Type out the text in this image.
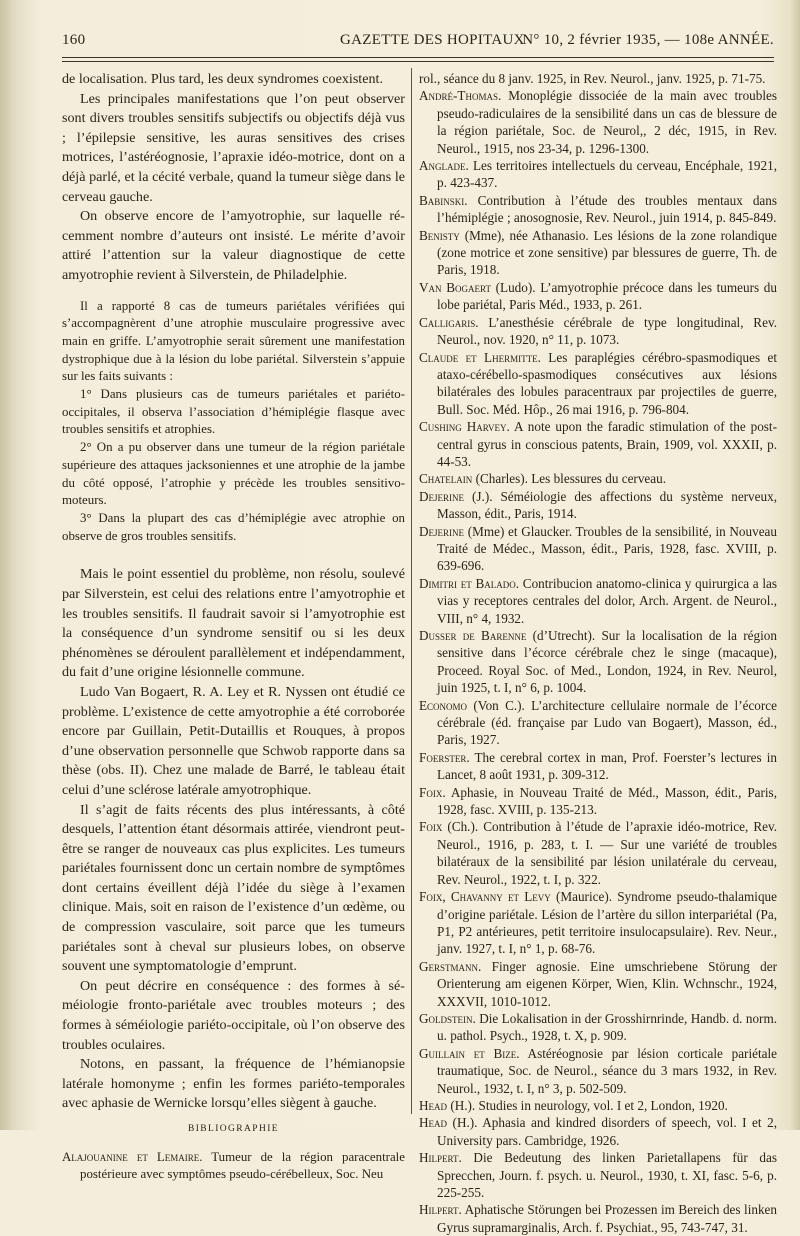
160	GAZETTE DES HOPITAUX
N° 10, 2 février 1935, — 108e ANNÉE.

de localisation. Plus tard, les deux syndromes coexistent.

Les principales manifestations que l’on peut observer sont divers troubles sensitifs subjectifs ou objectifs déjà vus ; l’épilepsie sensitive, les auras sensitives des crises motrices, l’astéréognosie, l’apraxie idéo-motrice, dont on a déjà parlé, et la cécité verbale, quand la tumeur siège dans le cerveau gauche.

On observe encore de l’amyotrophie, sur laquelle récemment nombre d’auteurs ont insisté. Le mérite d’avoir attiré l’attention sur la valeur diagnostique de cette amyotrophie revient à Silverstein, de Philadelphie.

Il a rapporté 8 cas de tumeurs pariétales vérifiées qui s’accompagnèrent d’une atrophie musculaire progressive avec main en griffe. L’amyotrophie serait sûrement une manifestation dystrophique due à la lésion du lobe pariétal. Silverstein s’appuie sur les faits suivants :

1° Dans plusieurs cas de tumeurs pariétales et pariéto-occipitales, il observa l’association d’hémiplégie flasque avec troubles sensitifs et atrophies.

2° On a pu observer dans une tumeur de la région pariétale supérieure des attaques jacksoniennes et une atrophie de la jambe du côté opposé, l’atrophie y précède les troubles sensitivo-moteurs.

3° Dans la plupart des cas d’hémiplégie avec atrophie on observe de gros troubles sensitifs.

Mais le point essentiel du problème, non résolu, soulevé par Silverstein, est celui des relations entre l’amyotrophie et les troubles sensitifs. Il faudrait savoir si l’amyotrophie est la conséquence d’un syndrome sensitif ou si les deux phénomènes se déroulent parallèlement et indépendamment, du fait d’une origine lésionnelle commune.

Ludo Van Bogaert, R. A. Ley et R. Nyssen ont étudié ce problème. L’existence de cette amyotrophie a été corroborée encore par Guillain, Petit-Dutaillis et Rouques, à propos d’une observation personnelle que Schwob rapporte dans sa thèse (obs. II). Chez une malade de Barré, le tableau était celui d’une sclérose latérale amyotrophique.

Il s’agit de faits récents des plus intéressants, à côté desquels, l’attention étant désormais attirée, viendront peut-être se ranger de nouveaux cas plus explicites. Les tumeurs pariétales fournissent donc un certain nombre de symptômes dont certains éveillent déjà l’idée du siège à l’examen clinique. Mais, soit en raison de l’existence d’un œdème, ou de compression vasculaire, soit parce que les tumeurs pariétales sont à cheval sur plusieurs lobes, on observe souvent une symptomatologie d’emprunt.

On peut décrire en conséquence : des formes à séméiologie fronto-pariétale avec troubles moteurs ; des formes à séméiologie pariéto-occipitale, où l’on observe des troubles oculaires.

Notons, en passant, la fréquence de l’hémianopsie latérale homonyme ; enfin les formes pariéto-temporales avec aphasie de Wernicke lorsqu’elles siègent à gauche.

BIBLIOGRAPHIE

Alajouanine et Lemaire. Tumeur de la région paracentrale postérieure avec symptômes pseudo-cérébelleux, Soc. Neu

rol., séance du 8 janv. 1925, in Rev. Neurol., janv. 1925, p. 71-75.

André-Thomas. Monoplégie dissociée de la main avec troubles pseudo-radiculaires de la sensibilité dans un cas de blessure de la région pariétale, Soc. de Neurol,, 2 déc, 1915, in Rev. Neurol., 1915, nos 23-34, p. 1296-1300.

Anglade. Les territoires intellectuels du cerveau, Encéphale, 1921, p. 423-437.

Babinski. Contribution à l’étude des troubles mentaux dans l’hémiplégie ; anosognosie, Rev. Neurol., juin 1914, p. 845-849.

Benisty (Mme), née Athanasio. Les lésions de la zone rolandique (zone motrice et zone sensitive) par blessures de guerre, Th. de Paris, 1918.

Van Bogaert (Ludo). L’amyotrophie précoce dans les tumeurs du lobe pariétal, Paris Méd., 1933, p. 261.

Calligaris. L’anesthésie cérébrale de type longitudinal, Rev. Neurol., nov. 1920, n° 11, p. 1073.

Claude et Lhermitte. Les paraplégies cérébro-spasmodiques et ataxo-cérébello-spasmodiques consécutives aux lésions bilatérales des lobules paracentraux par projectiles de guerre, Bull. Soc. Méd. Hôp., 26 mai 1916, p. 796-804.

Cushing Harvey. A note upon the faradic stimulation of the post-central gyrus in conscious patents, Brain, 1909, vol. XXXII, p. 44-53.

Chatelain (Charles). Les blessures du cerveau.

Dejerine (J.). Séméiologie des affections du système nerveux, Masson, édit., Paris, 1914.

Dejerine (Mme) et Glaucker. Troubles de la sensibilité, in Nouveau Traité de Médec., Masson, édit., Paris, 1928, fasc. XVIII, p. 639-696.

Dimitri et Balado. Contribucion anatomo-clinica y quirurgica a las vias y receptores centrales del dolor, Arch. Argent. de Neurol., VIII, n° 4, 1932.

Dusser de Barenne (d’Utrecht). Sur la localisation de la région sensitive dans l’écorce cérébrale chez le singe (macaque), Proceed. Royal Soc. of Med., London, 1924, in Rev. Neurol, juin 1925, t. I, n° 6, p. 1004.

Economo (Von C.). L’architecture cellulaire normale de l’écorce cérébrale (éd. française par Ludo van Bogaert), Masson, éd., Paris, 1927.

Foerster. The cerebral cortex in man, Prof. Foerster’s lectures in Lancet, 8 août 1931, p. 309-312.

Foix. Aphasie, in Nouveau Traité de Méd., Masson, édit., Paris, 1928, fasc. XVIII, p. 135-213.

Foix (Ch.). Contribution à l’étude de l’apraxie idéo-motrice, Rev. Neurol., 1916, p. 283, t. I. — Sur une variété de troubles bilatéraux de la sensibilité par lésion unilatérale du cerveau, Rev. Neurol., 1922, t. I, p. 322.

Foix, Chavanny et Levy (Maurice). Syndrome pseudo-thalamique d’origine pariétale. Lésion de l’artère du sillon interpariétal (Pa, P1, P2 antérieures, petit territoire insulocapsulaire). Rev. Neur., janv. 1927, t. I, n° 1, p. 68-76.

Gerstmann. Finger agnosie. Eine umschriebene Störung der Orienterung am eigenen Körper, Wien, Klin. Wchnschr., 1924, XXXVII, 1010-1012.

Goldstein. Die Lokalisation in der Grosshirnrinde, Handb. d. norm. u. pathol. Psych., 1928, t. X, p. 909.

Guillain et Bize. Astéréognosie par lésion corticale pariétale traumatique, Soc. de Neurol., séance du 3 mars 1932, in Rev. Neurol., 1932, t. I, n° 3, p. 502-509.

Head (H.). Studies in neurology, vol. I et 2, London, 1920.

Head (H.). Aphasia and kindred disorders of speech, vol. I et 2, University pars. Cambridge, 1926.

Hilpert. Die Bedeutung des linken Parietallapens für das Sprecchen, Journ. f. psych. u. Neurol., 1930, t. XI, fasc. 5-6, p. 225-255.

Hilpert. Aphatische Störungen bei Prozessen im Bereich des linken Gyrus supramarginalis, Arch. f. Psychiat., 95, 743-747, 31.
